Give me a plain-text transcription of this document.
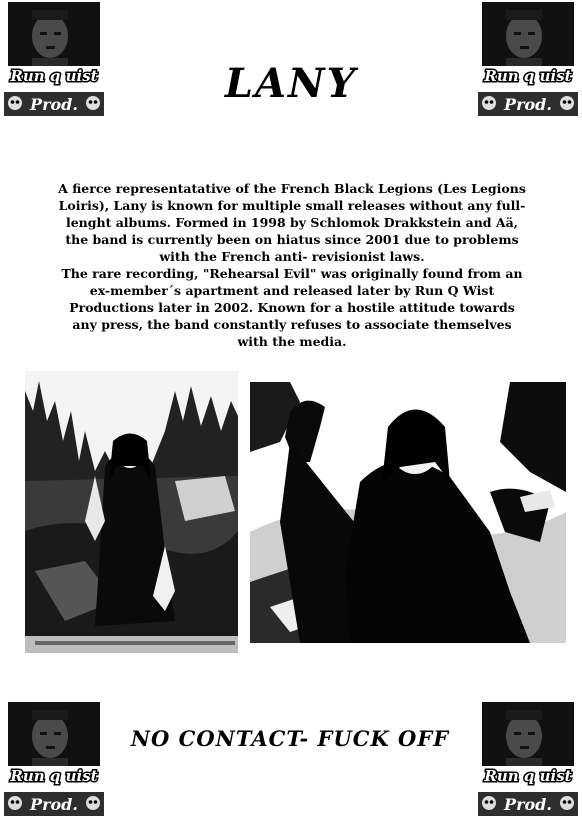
Run q uist
Prod.
Run q uist
Prod.
Run q uist
Prod.
Run q uist
Prod.
LANY

A fierce representatative of the French Black Legions (Les Legions Loiris), Lany is known for multiple small releases without any full-lenght albums. Formed in 1998 by Schlomok Drakkstein and Aä, the band is currently been on hiatus since 2001 due to problems with the French anti- revisionist laws.

The rare recording, "Rehearsal Evil" was originally found from an ex-member´s apartment and released later by Run Q Wist Productions later in 2002. Known for a hostile attitude towards any press, the band constantly refuses to associate themselves with the media.

NO CONTACT- FUCK OFF
